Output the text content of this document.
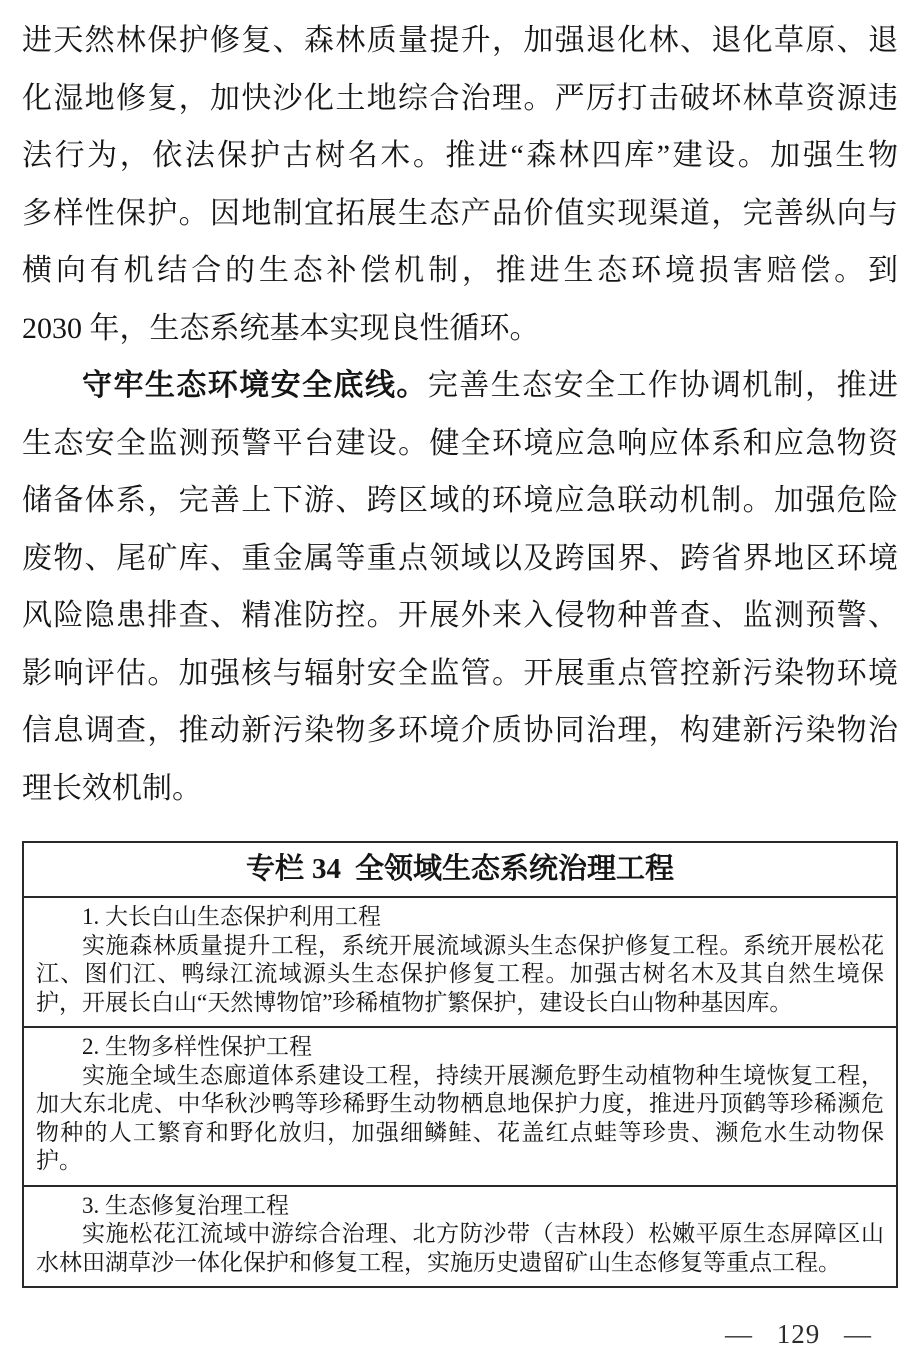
进天然林保护修复、森林质量提升，加强退化林、退化草原、退
化湿地修复，加快沙化土地综合治理。严厉打击破坏林草资源违
法行为，依法保护古树名木。推进“森林四库”建设。加强生物
多样性保护。因地制宜拓展生态产品价值实现渠道，完善纵向与
横向有机结合的生态补偿机制，推进生态环境损害赔偿。到
2030 年，生态系统基本实现良性循环。
守牢生态环境安全底线。完善生态安全工作协调机制，推进
生态安全监测预警平台建设。健全环境应急响应体系和应急物资
储备体系，完善上下游、跨区域的环境应急联动机制。加强危险
废物、尾矿库、重金属等重点领域以及跨国界、跨省界地区环境
风险隐患排查、精准防控。开展外来入侵物种普查、监测预警、
影响评估。加强核与辐射安全监管。开展重点管控新污染物环境
信息调查，推动新污染物多环境介质协同治理，构建新污染物治
理长效机制。
专栏 34 全领域生态系统治理工程
1. 大长白山生态保护利用工程
实施森林质量提升工程，系统开展流域源头生态保护修复工程。系统开展松花江、图们江、鸭绿江流域源头生态保护修复工程。加强古树名木及其自然生境保护，开展长白山“天然博物馆”珍稀植物扩繁保护，建设长白山物种基因库。
2. 生物多样性保护工程
实施全域生态廊道体系建设工程，持续开展濒危野生动植物种生境恢复工程，加大东北虎、中华秋沙鸭等珍稀野生动物栖息地保护力度，推进丹顶鹤等珍稀濒危物种的人工繁育和野化放归，加强细鳞鲑、花盖红点蛙等珍贵、濒危水生动物保护。
3. 生态修复治理工程
实施松花江流域中游综合治理、北方防沙带（吉林段）松嫩平原生态屏障区山水林田湖草沙一体化保护和修复工程，实施历史遗留矿山生态修复等重点工程。
— 129 —
